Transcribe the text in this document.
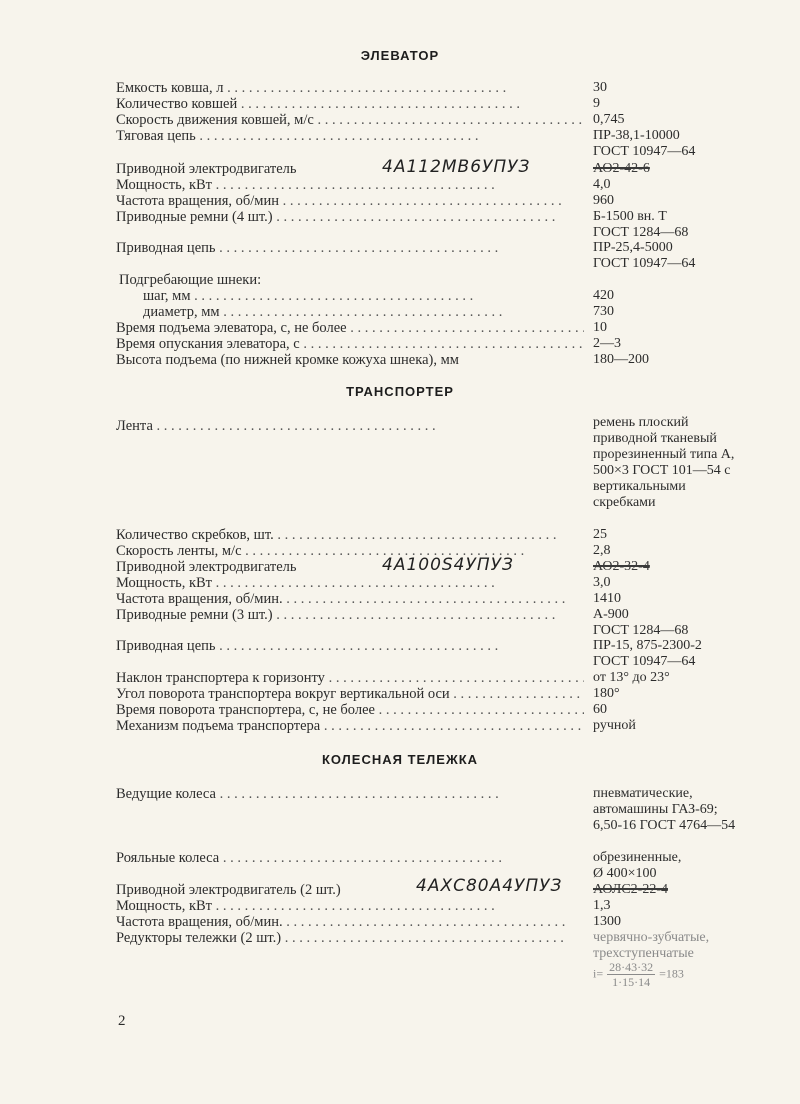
ЭЛЕВАТОР
Емкость ковша, л . .	30
Количество ковшей . .	9
Скорость движения ковшей, м/с . .	0,745
Тяговая цепь . .	ПР-38,1-10000
ГОСТ 10947—64
Приводной электродвигатель	4А112МВ6УПУЗ	АО2-42-6
Мощность, кВт . .	4,0
Частота вращения, об/мин . .	960
Приводные ремни (4 шт.) . .	Б-1500 вн. Т
ГОСТ 1284—68
Приводная цепь . .	ПР-25,4-5000
ГОСТ 10947—64
Подгребающие шнеки:
шаг, мм . .	420
диаметр, мм . .	730
Время подъема элеватора, с, не более . .	10
Время опускания элеватора, с . .	2—3
Высота подъема (по нижней кромке кожуха шнека), мм	180—200
ТРАНСПОРТЕР
Лента . .	ремень плоский приводной тканевый прорезиненный типа А, 500×3 ГОСТ 101—54 с вертикальными скребками
Количество скребков, шт. . .	25
Скорость ленты, м/с . .	2,8
Приводной электродвигатель	4А100S4УПУЗ	АО2-32-4
Мощность, кВт . .	3,0
Частота вращения, об/мин. . .	1410
Приводные ремни (3 шт.) . .	А-900
ГОСТ 1284—68
Приводная цепь . .	ПР-15, 875-2300-2
ГОСТ 10947—64
Наклон транспортера к горизонту . .	от 13° до 23°
Угол поворота транспортера вокруг вертикальной оси . .	180°
Время поворота транспортера, с, не более . .	60
Механизм подъема транспортера . .	ручной
КОЛЕСНАЯ ТЕЛЕЖКА
Ведущие колеса . .	пневматические, автомашины ГАЗ-69; 6,50-16 ГОСТ 4764—54
Рояльные колеса . .	обрезиненные,
Ø 400×100
Приводной электродвигатель (2 шт.)	4АХС80А4УПУЗ АОЛС2-22-4
Мощность, кВт . .	1,3
Частота вращения, об/мин. . .	1300
Редукторы тележки (2 шт.) . .	червячно-зубчатые,
трехступенчатые
$i= \frac{28\cdot 43\cdot 32}{1\cdot 15\cdot 14} =183$
2
